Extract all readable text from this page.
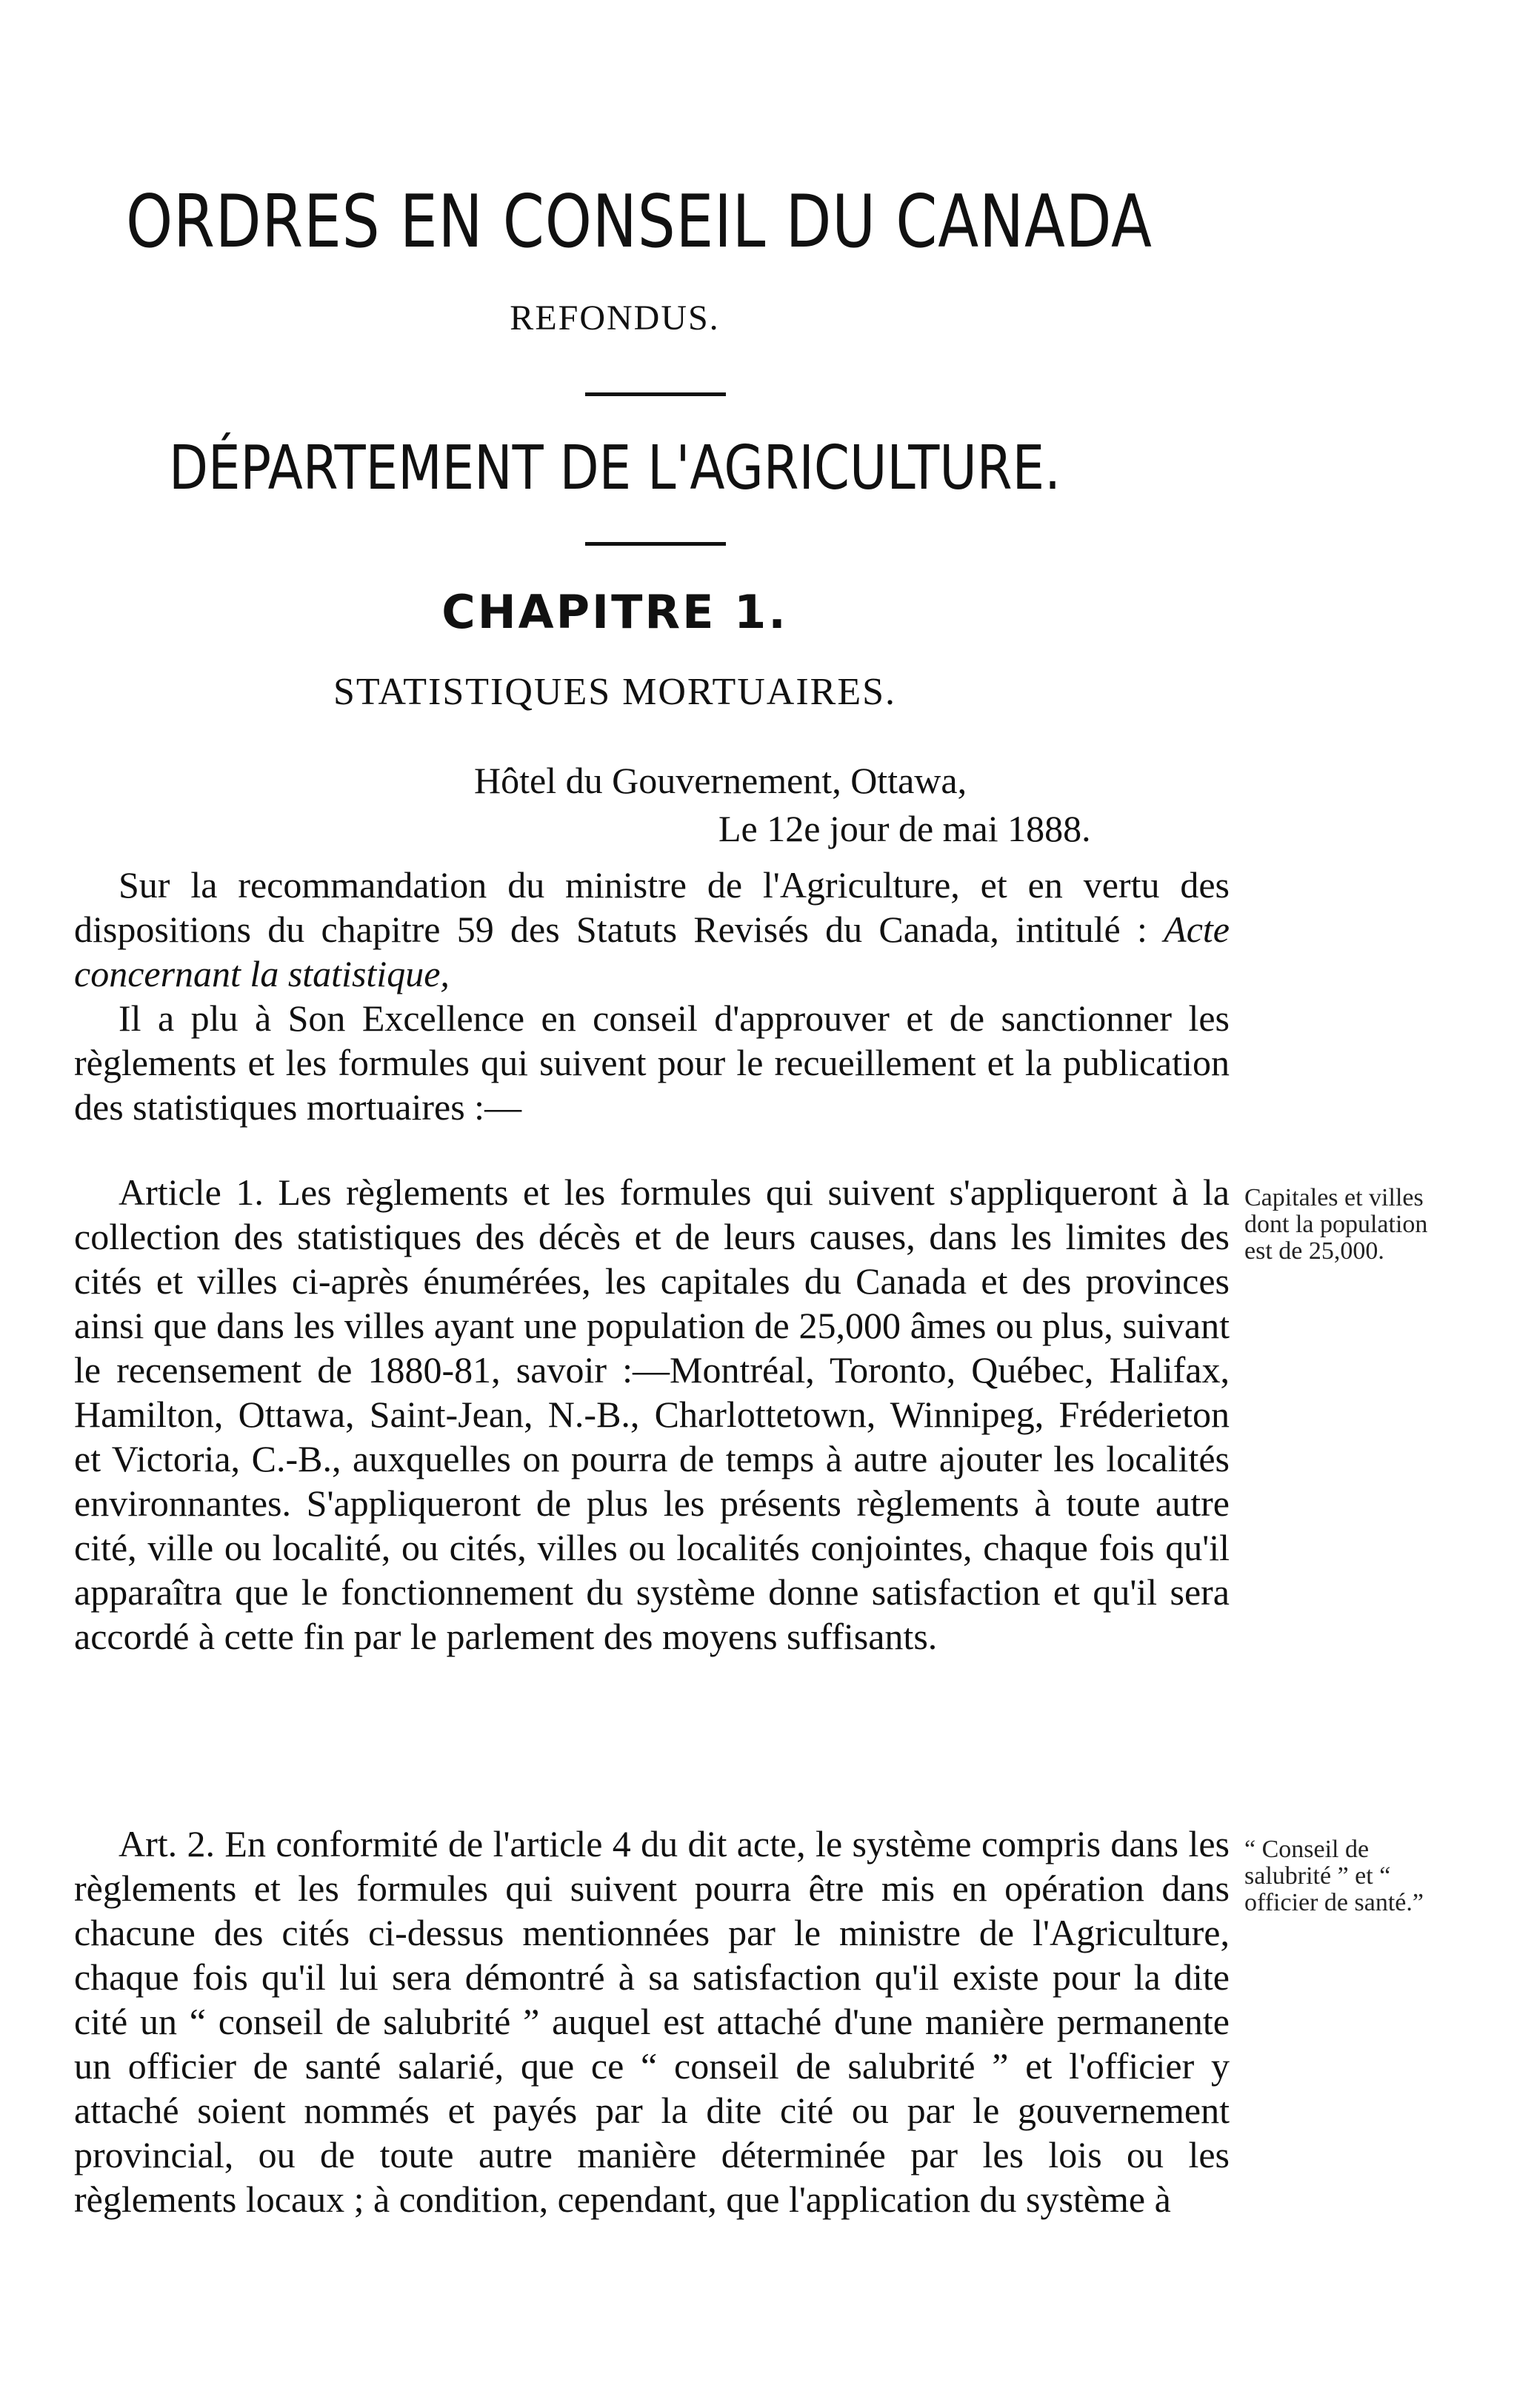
ORDRES EN CONSEIL DU CANADA
REFONDUS.
DÉPARTEMENT DE L'AGRICULTURE.
CHAPITRE 1.
STATISTIQUES MORTUAIRES.
Hôtel du Gouvernement, Ottawa,
Le 12e jour de mai 1888.

Sur la recommandation du ministre de l'Agriculture, et en vertu des dispositions du chapitre 59 des Statuts Revisés du Canada, intitulé : Acte concernant la statistique,

Il a plu à Son Excellence en conseil d'approuver et de sanctionner les règlements et les formules qui suivent pour le recueillement et la publication des statistiques mortuaires :—

Article 1. Les règlements et les formules qui suivent s'appliqueront à la collection des statistiques des décès et de leurs causes, dans les limites des cités et villes ci-après énumérées, les capitales du Canada et des provinces ainsi que dans les villes ayant une population de 25,000 âmes ou plus, suivant le recensement de 1880-81, savoir :—Montréal, Toronto, Québec, Halifax, Hamilton, Ottawa, Saint-Jean, N.-B., Charlottetown, Winnipeg, Fréderieton et Victoria, C.-B., auxquelles on pourra de temps à autre ajouter les localités environnantes. S'appliqueront de plus les présents règlements à toute autre cité, ville ou localité, ou cités, villes ou localités conjointes, chaque fois qu'il apparaîtra que le fonctionnement du système donne satisfaction et qu'il sera accordé à cette fin par le parlement des moyens suffisants.

Capitales et villes dont la population est de 25,000.

Art. 2. En conformité de l'article 4 du dit acte, le système compris dans les règlements et les formules qui suivent pourra être mis en opération dans chacune des cités ci-dessus mentionnées par le ministre de l'Agriculture, chaque fois qu'il lui sera démontré à sa satisfaction qu'il existe pour la dite cité un “ conseil de salubrité ” auquel est attaché d'une manière permanente un officier de santé salarié, que ce “ conseil de salubrité ” et l'officier y attaché soient nommés et payés par la dite cité ou par le gouvernement provincial, ou de toute autre manière déterminée par les lois ou les règlements locaux ; à condition, cependant, que l'application du système à

“ Conseil de salubrité ” et “ officier de santé.”
